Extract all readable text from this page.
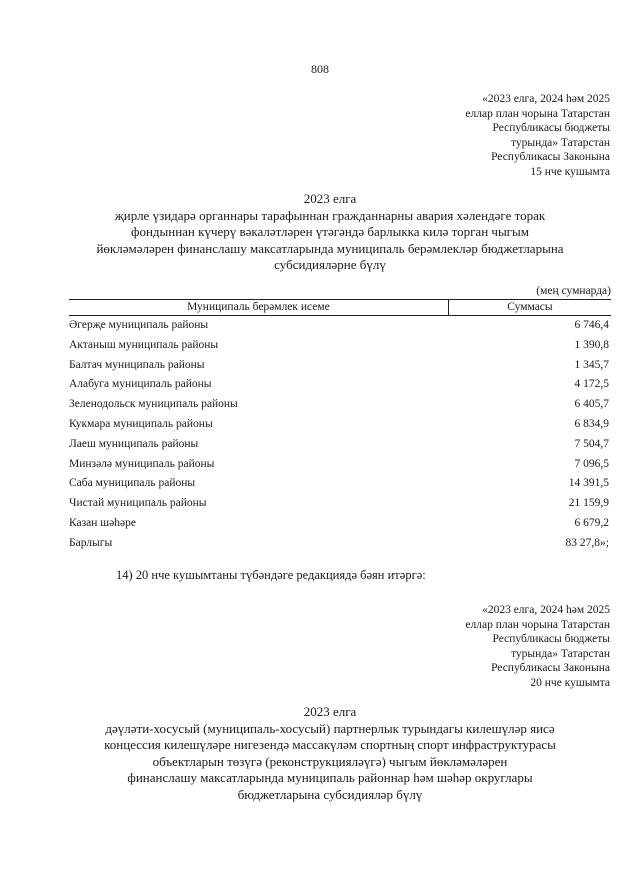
808
«2023 елга, 2024 һәм 2025
еллар план чорына Татарстан
Республикасы бюджеты
турында» Татарстан
Республикасы Законына
15 нче кушымта
2023 елга
җирле үзидарә органнары тарафыннан гражданнарны авария хәлендәге торак
фондыннан күчерү вәкаләтләрен үтәгәндә барлыкка килә торган чыгым
йөкләмәләрен финанслашу максатларында муниципаль берәмлекләр бюджетларына
субсидияләрне бүлү
(мең сумнарда)
Муниципаль берәмлек исеме	Суммасы
Әгерҗе муниципаль районы	6 746,4
Актаныш муниципаль районы	1 390,8
Балтач муниципаль районы	1 345,7
Алабуга муниципаль районы	4 172,5
Зеленодольск муниципаль районы	6 405,7
Кукмара муниципаль районы	6 834,9
Лаеш муниципаль районы	7 504,7
Минзәлә муниципаль районы	7 096,5
Саба муниципаль районы	14 391,5
Чистай муниципаль районы	21 159,9
Казан шәһәре	6 679,2
Барлыгы	83 27,8»;
14) 20 нче кушымтаны түбәндәге редакциядә бәян итәргә:
«2023 елга, 2024 һәм 2025
еллар план чорына Татарстан
Республикасы бюджеты
турында» Татарстан
Республикасы Законына
20 нче кушымта
2023 елга
дәүләти-хосусый (муниципаль-хосусый) партнерлык турындагы килешүләр яисә
концессия килешүләре нигезендә массакүләм спортның спорт инфраструктурасы
объектларын төзүгә (реконструкцияләүгә) чыгым йөкләмәләрен
финанслашу максатларында муниципаль районнар һәм шәһәр округлары
бюджетларына субсидияләр бүлү
